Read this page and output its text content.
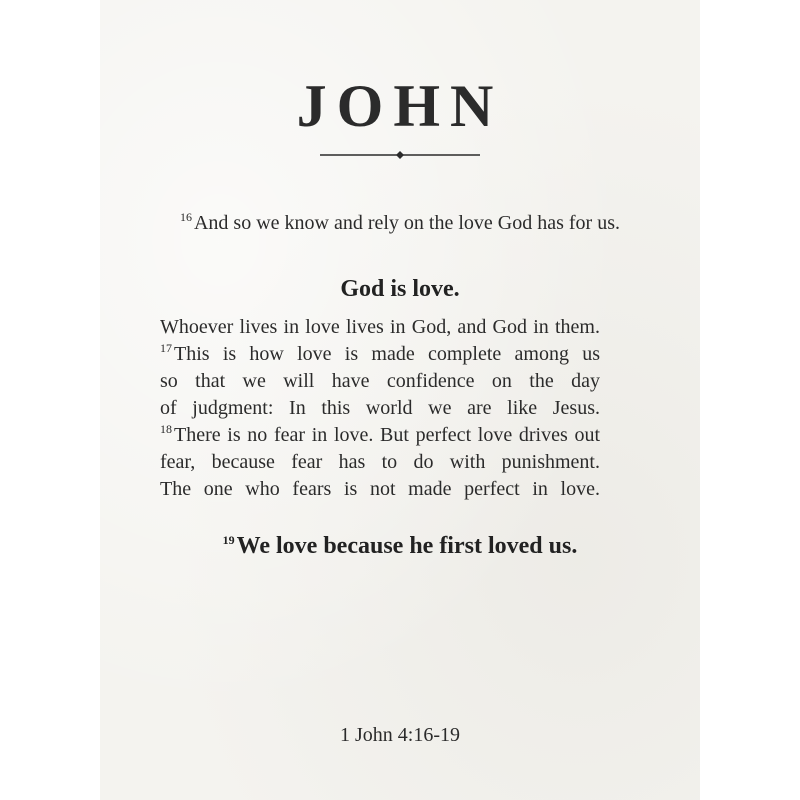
JOHN
$^{16}$ And so we know and rely on the love God has for us.
God is love.
Whoever lives in love lives in God, and God in them.
$^{17}$ This is how love is made complete among us
so that we will have confidence on the day
of judgment: In this world we are like Jesus.
$^{18}$ There is no fear in love. But perfect love drives out
fear, because fear has to do with punishment.
The one who fears is not made perfect in love.
$^{19}$We love because he first loved us.
1 John 4:16-19
